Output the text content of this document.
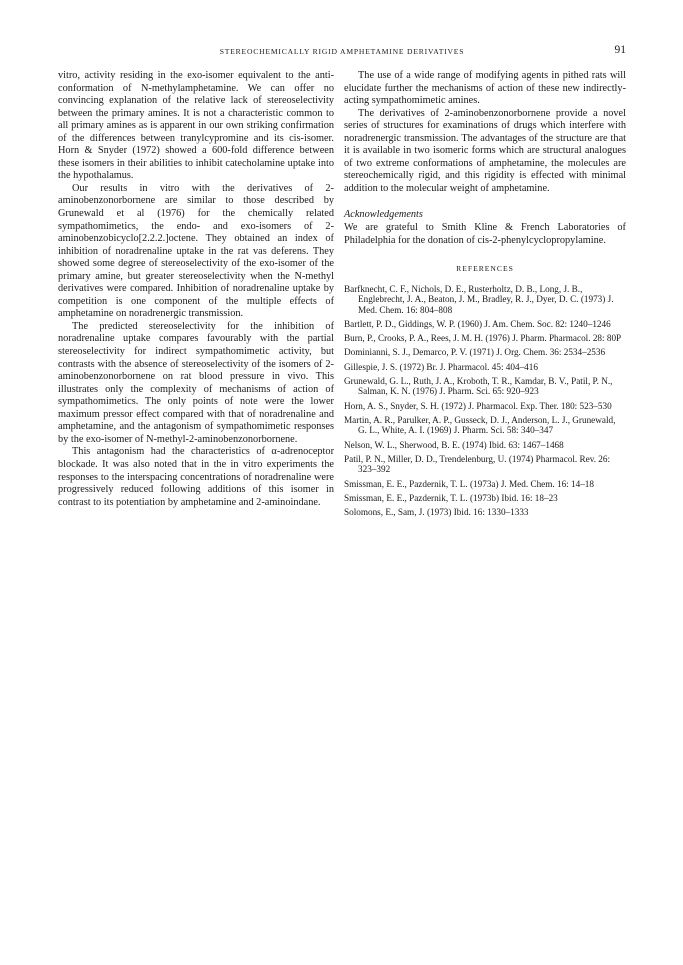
STEREOCHEMICALLY RIGID AMPHETAMINE DERIVATIVES	91

vitro, activity residing in the exo-isomer equivalent to the anti-conformation of N-methylamphetamine. We can offer no convincing explanation of the relative lack of stereoselectivity between the primary amines. It is not a characteristic common to all primary amines as is apparent in our own striking confirmation of the differences between tranylcypromine and its cis-isomer. Horn & Snyder (1972) showed a 600-fold difference between these isomers in their abilities to inhibit catecholamine uptake into the hypothalamus.

Our results in vitro with the derivatives of 2-aminobenzonorbornene are similar to those described by Grunewald et al (1976) for the chemically related sympathomimetics, the endo- and exo-isomers of 2-aminobenzobicyclo[2.2.2.]octene. They obtained an index of inhibition of noradrenaline uptake in the rat vas deferens. They showed some degree of stereoselectivity of the exo-isomer of the primary amine, but greater stereoselectivity when the N-methyl derivatives were compared. Inhibition of noradrenaline uptake by competition is one component of the multiple effects of amphetamine on noradrenergic transmission.

The predicted stereoselectivity for the inhibition of noradrenaline uptake compares favourably with the partial stereoselectivity for indirect sympathomimetic activity, but contrasts with the absence of stereoselectivity of the isomers of 2-aminobenzonorbornene on rat blood pressure in vivo. This illustrates only the complexity of mechanisms of action of sympathomimetics. The only points of note were the lower maximum pressor effect compared with that of noradrenaline and amphetamine, and the antagonism of sympathomimetic responses by the exo-isomer of N-methyl-2-aminobenzonorbornene.

This antagonism had the characteristics of α-adrenoceptor blockade. It was also noted that in the in vitro experiments the responses to the interspacing concentrations of noradrenaline were progressively reduced following additions of this isomer in contrast to its potentiation by amphetamine and 2-aminoindane.

The use of a wide range of modifying agents in pithed rats will elucidate further the mechanisms of action of these new indirectly-acting sympathomimetic amines.

The derivatives of 2-aminobenzonorbornene provide a novel series of structures for examinations of drugs which interfere with noradrenergic transmission. The advantages of the structure are that it is available in two isomeric forms which are structural analogues of two extreme conformations of amphetamine, the molecules are stereochemically rigid, and this rigidity is effected with minimal addition to the molecular weight of amphetamine.

Acknowledgements

We are grateful to Smith Kline & French Laboratories of Philadelphia for the donation of cis-2-phenylcyclopropylamine.

REFERENCES

Barfknecht, C. F., Nichols, D. E., Rusterholtz, D. B., Long, J. B., Englebrecht, J. A., Beaton, J. M., Bradley, R. J., Dyer, D. C. (1973) J. Med. Chem. 16: 804–808

Bartlett, P. D., Giddings, W. P. (1960) J. Am. Chem. Soc. 82: 1240–1246

Burn, P., Crooks, P. A., Rees, J. M. H. (1976) J. Pharm. Pharmacol. 28: 80P

Dominianni, S. J., Demarco, P. V. (1971) J. Org. Chem. 36: 2534–2536

Gillespie, J. S. (1972) Br. J. Pharmacol. 45: 404–416

Grunewald, G. L., Ruth, J. A., Kroboth, T. R., Kamdar, B. V., Patil, P. N., Salman, K. N. (1976) J. Pharm. Sci. 65: 920–923

Horn, A. S., Snyder, S. H. (1972) J. Pharmacol. Exp. Ther. 180: 523–530

Martin, A. R., Parulker, A. P., Gusseck, D. J., Anderson, L. J., Grunewald, G. L., White, A. I. (1969) J. Pharm. Sci. 58: 340–347

Nelson, W. L., Sherwood, B. E. (1974) Ibid. 63: 1467–1468

Patil, P. N., Miller, D. D., Trendelenburg, U. (1974) Pharmacol. Rev. 26: 323–392

Smissman, E. E., Pazdernik, T. L. (1973a) J. Med. Chem. 16: 14–18

Smissman, E. E., Pazdernik, T. L. (1973b) Ibid. 16: 18–23

Solomons, E., Sam, J. (1973) Ibid. 16: 1330–1333
